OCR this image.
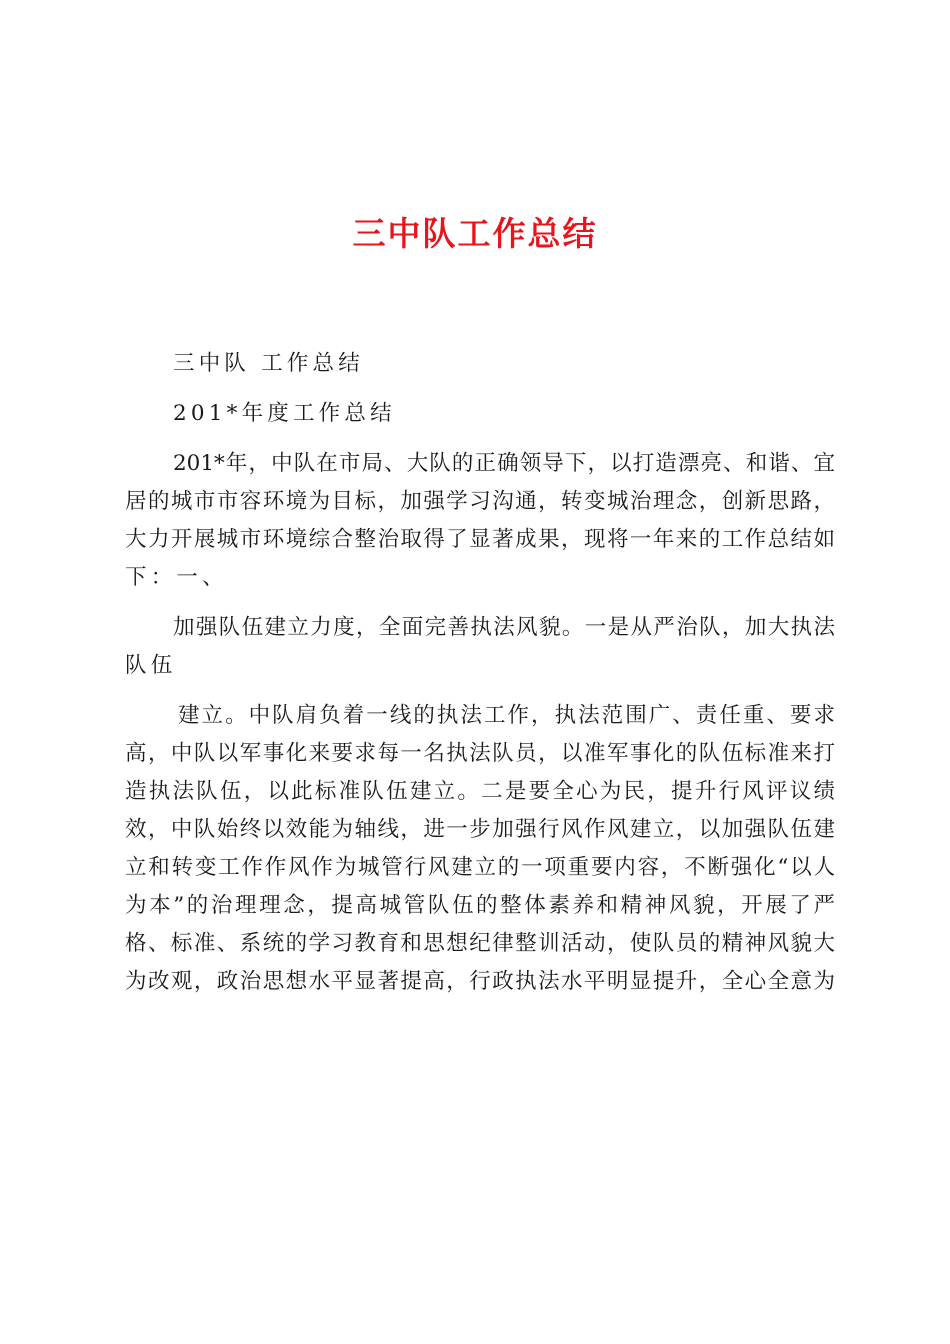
三中队工作总结
三中队 工作总结
201*年度工作总结
201*年，中队在市局、大队的正确领导下，以打造漂亮、和谐、宜
居的城市市容环境为目标，加强学习沟通，转变城治理念，创新思路，
大力开展城市环境综合整治取得了显著成果，现将一年来的工作总结如
下：一、
加强队伍建立力度，全面完善执法风貌。一是从严治队，加大执法
队伍
建立。中队肩负着一线的执法工作，执法范围广、责任重、要求
高，中队以军事化来要求每一名执法队员，以准军事化的队伍标准来打
造执法队伍，以此标准队伍建立。二是要全心为民，提升行风评议绩
效，中队始终以效能为轴线，进一步加强行风作风建立，以加强队伍建
立和转变工作作风作为城管行风建立的一项重要内容，不断强化“以人
为本”的治理理念，提高城管队伍的整体素养和精神风貌，开展了严
格、标准、系统的学习教育和思想纪律整训活动，使队员的精神风貌大
为改观，政治思想水平显著提高，行政执法水平明显提升，全心全意为
